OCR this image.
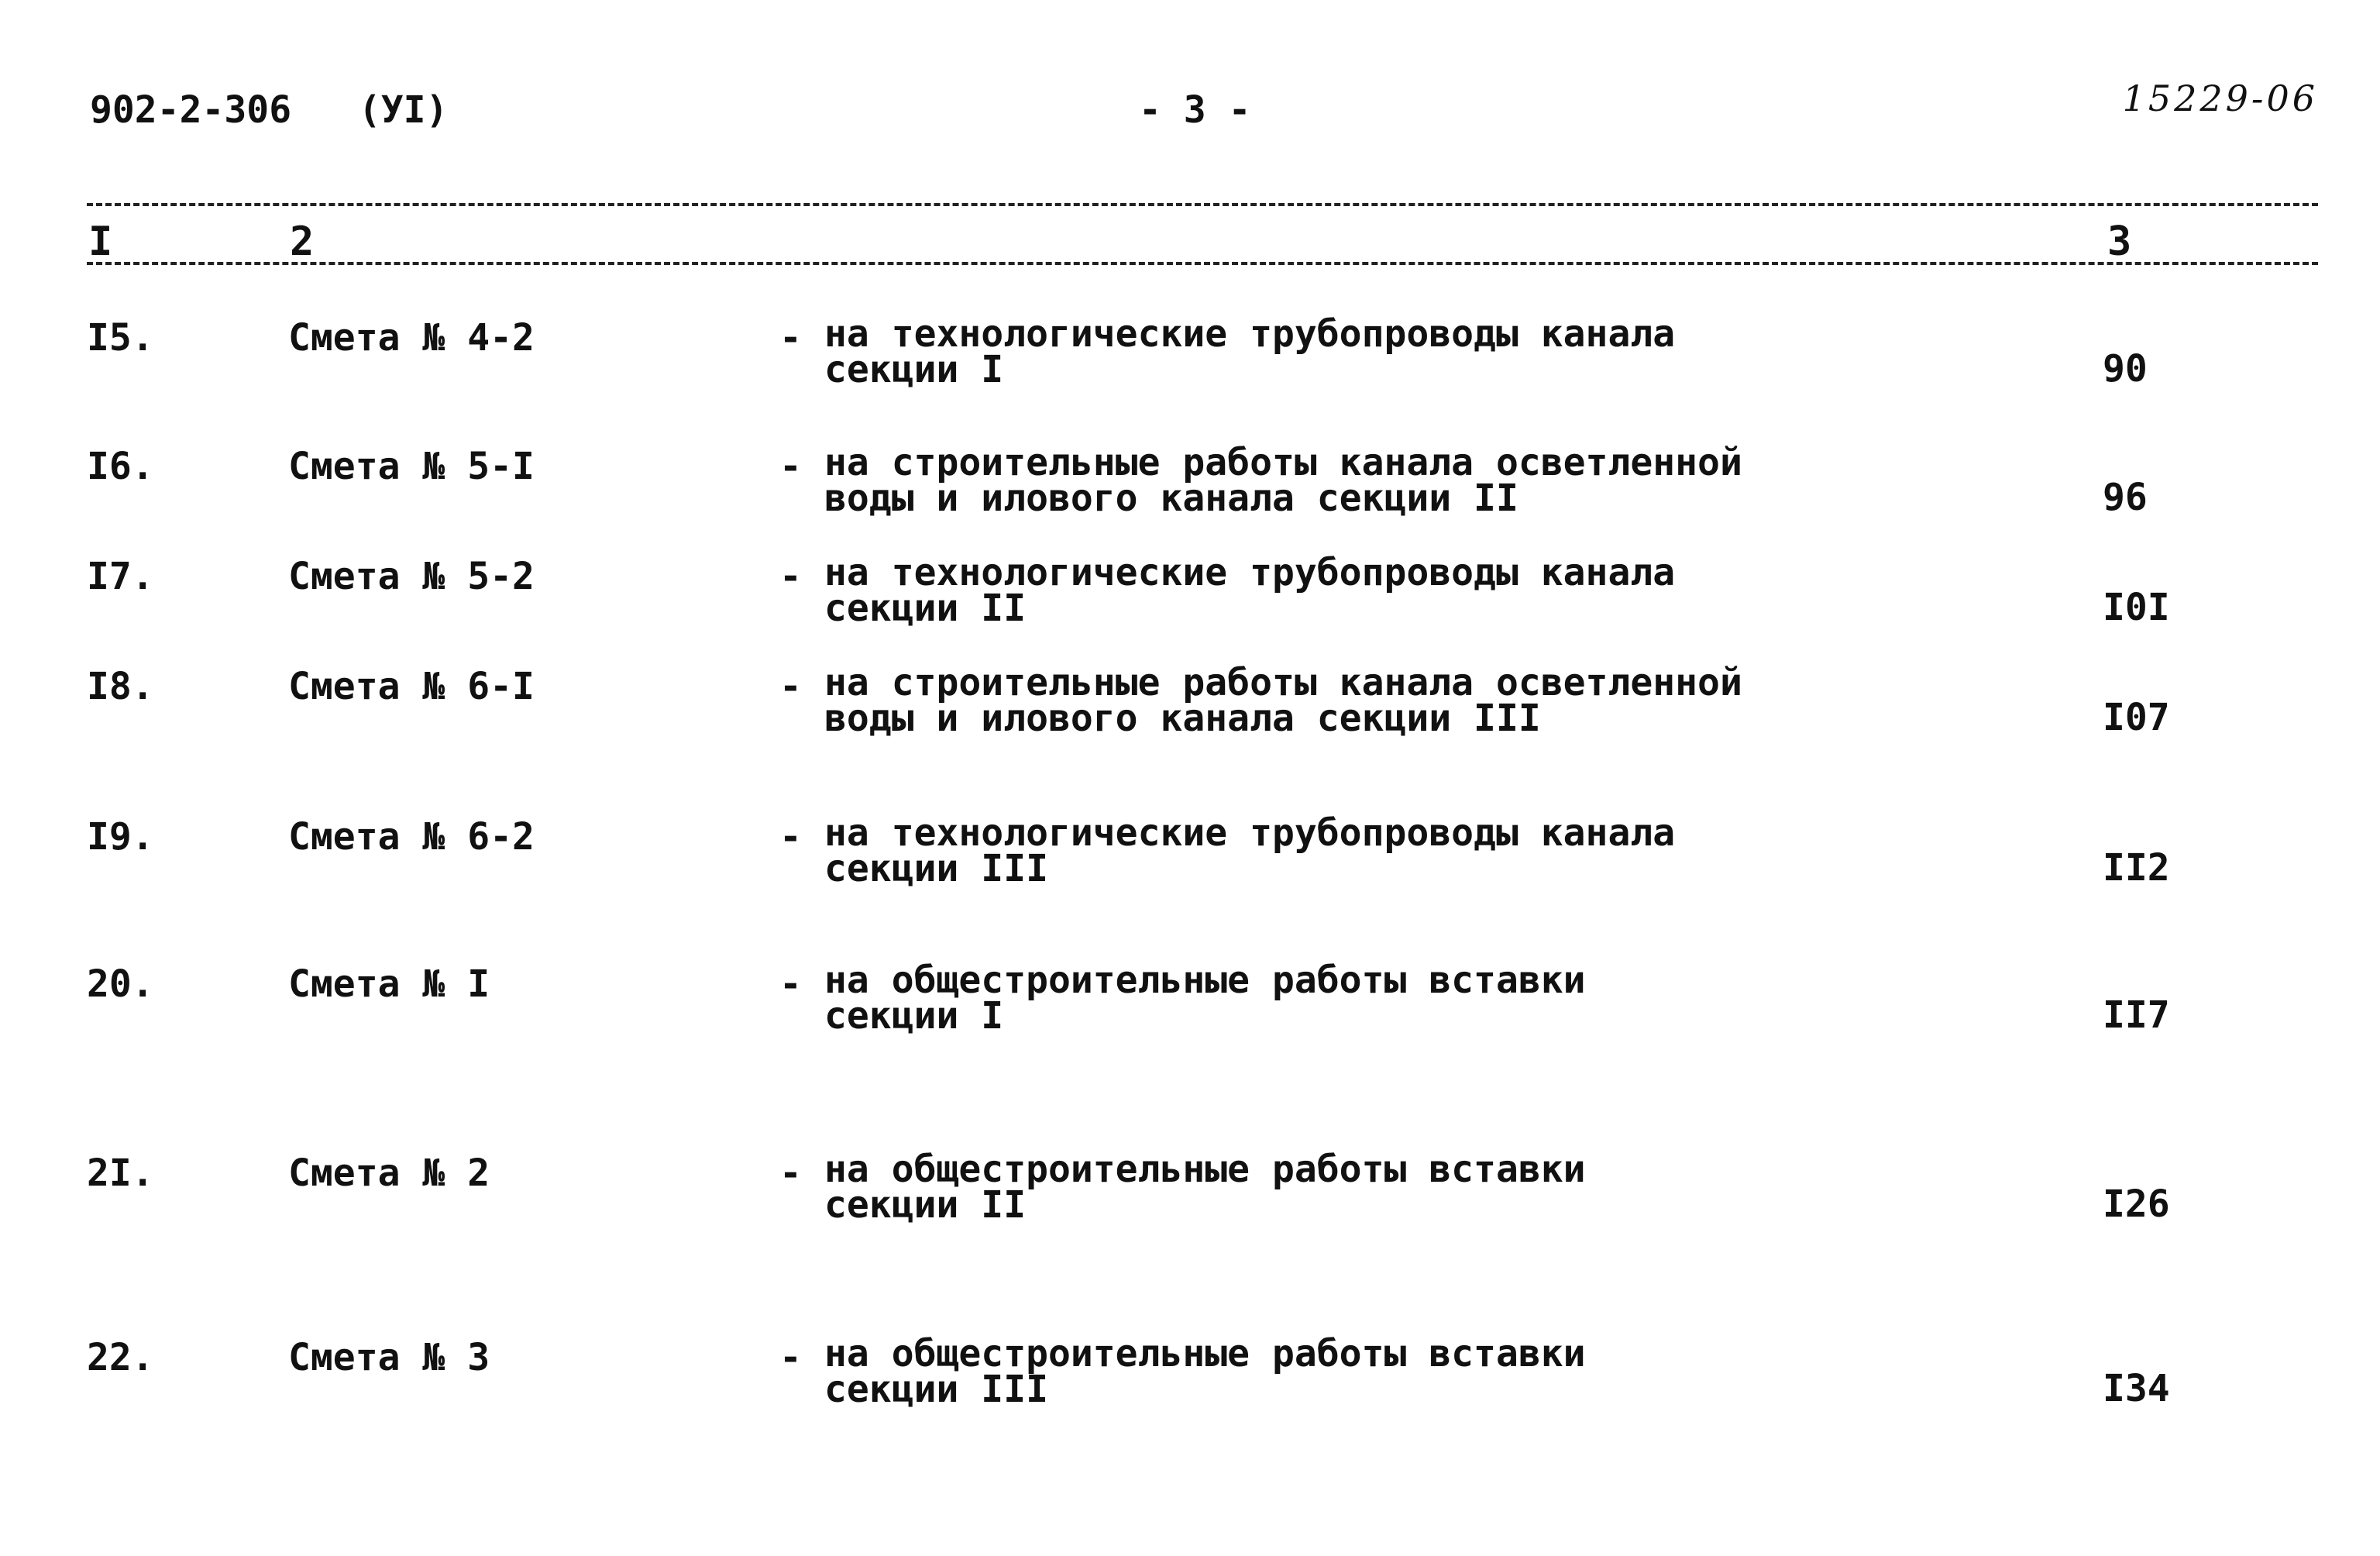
902-2-306 (УI)	- 3 -	15229-06
I	2	3
I5.	Смета № 4-2	- на технологические трубопроводы канала
секции I	90
I6.	Смета № 5-I	- на строительные работы канала осветленной
воды и илового канала секции II	96
I7.	Смета № 5-2	- на технологические трубопроводы канала
секции II	I0I
I8.	Смета № 6-I	- на строительные работы канала осветленной
воды и илового канала секции III	I07
I9.	Смета № 6-2	- на технологические трубопроводы канала
секции III	II2
20.	Смета № I	- на общестроительные работы вставки
секции I	II7
2I.	Смета № 2	- на общестроительные работы вставки
секции II	I26
22.	Смета № 3	- на общестроительные работы вставки
секции III	I34
